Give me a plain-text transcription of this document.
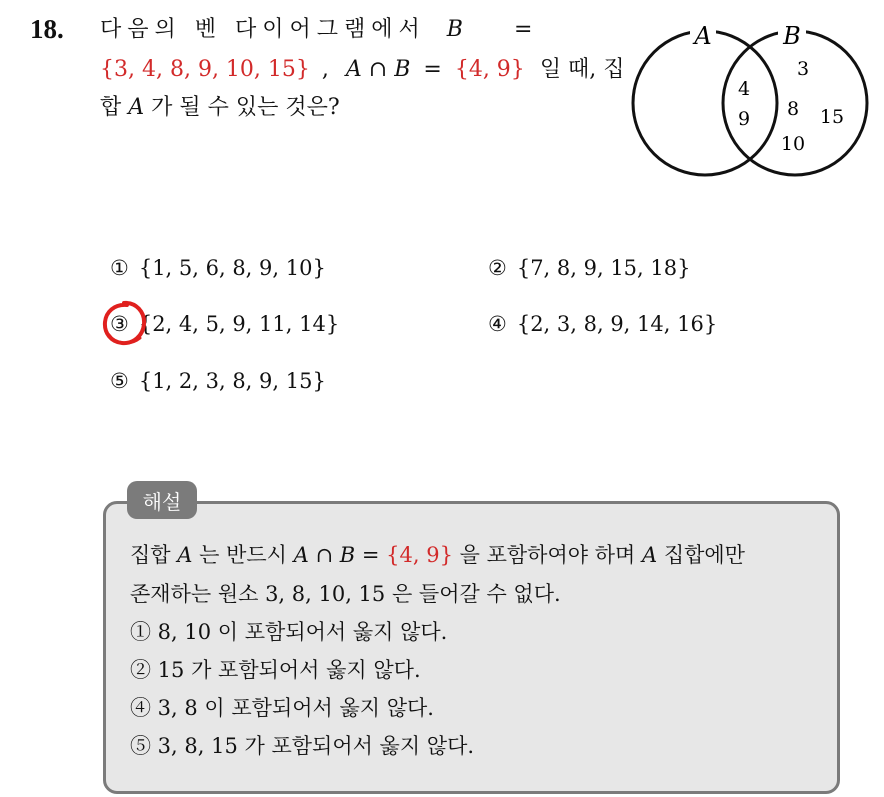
18. 다음의 벤 다이어그램에서 B =
{3, 4, 8, 9, 10, 15} , A ∩ B = {4, 9} 일 때, 집
합 A 가 될 수 있는 것은?
A	B
4
9
3
8 15
10
① {1, 5, 6, 8, 9, 10}	② {7, 8, 9, 15, 18}
③ {2, 4, 5, 9, 11, 14}	④ {2, 3, 8, 9, 14, 16}
⑤ {1, 2, 3, 8, 9, 15}
해설
집합 A 는 반드시 A ∩ B = {4, 9} 을 포함하여야 하며 A 집합에만
존재하는 원소 3, 8, 10, 15 은 들어갈 수 없다.
① 8, 10 이 포함되어서 옳지 않다.
② 15 가 포함되어서 옳지 않다.
④ 3, 8 이 포함되어서 옳지 않다.
⑤ 3, 8, 15 가 포함되어서 옳지 않다.
